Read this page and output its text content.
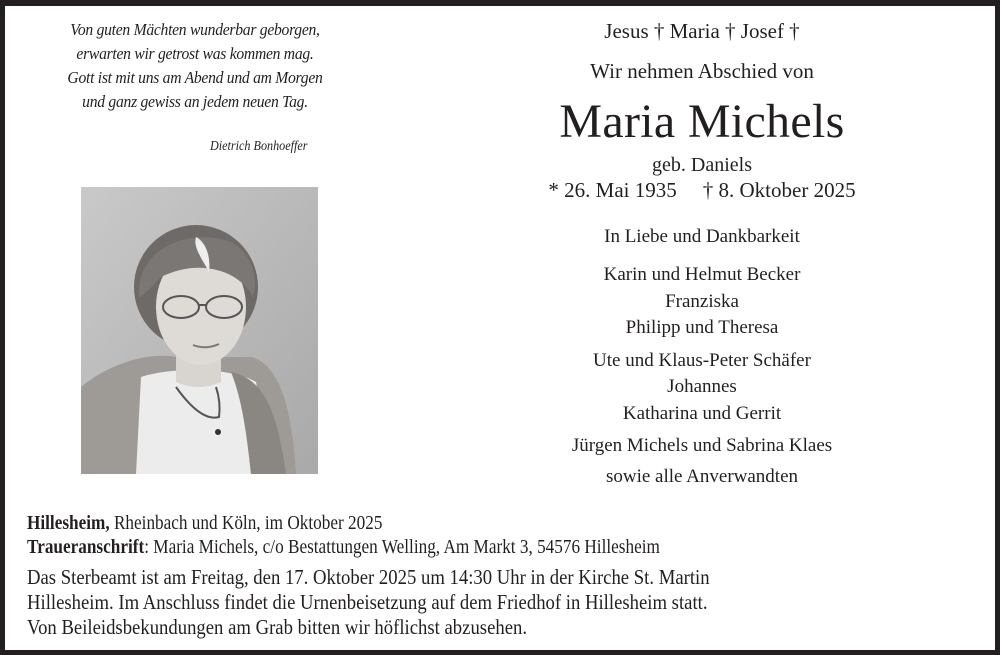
Von guten Mächten wunderbar geborgen,
erwarten wir getrost was kommen mag.
Gott ist mit uns am Abend und am Morgen
und ganz gewiss an jedem neuen Tag.
Dietrich Bonhoeffer
Jesus † Maria † Josef †
Wir nehmen Abschied von
Maria Michels
geb. Daniels
* 26. Mai 1935 † 8. Oktober 2025
In Liebe und Dankbarkeit
Karin und Helmut Becker
Franziska
Philipp und Theresa
Ute und Klaus-Peter Schäfer
Johannes
Katharina und Gerrit
Jürgen Michels und Sabrina Klaes
sowie alle Anverwandten
Hillesheim, Rheinbach und Köln, im Oktober 2025
Traueranschrift: Maria Michels, c/o Bestattungen Welling, Am Markt 3, 54576 Hillesheim
Das Sterbeamt ist am Freitag, den 17. Oktober 2025 um 14:30 Uhr in der Kirche St. Martin
Hillesheim. Im Anschluss findet die Urnenbeisetzung auf dem Friedhof in Hillesheim statt.
Von Beileidsbekundungen am Grab bitten wir höflichst abzusehen.
